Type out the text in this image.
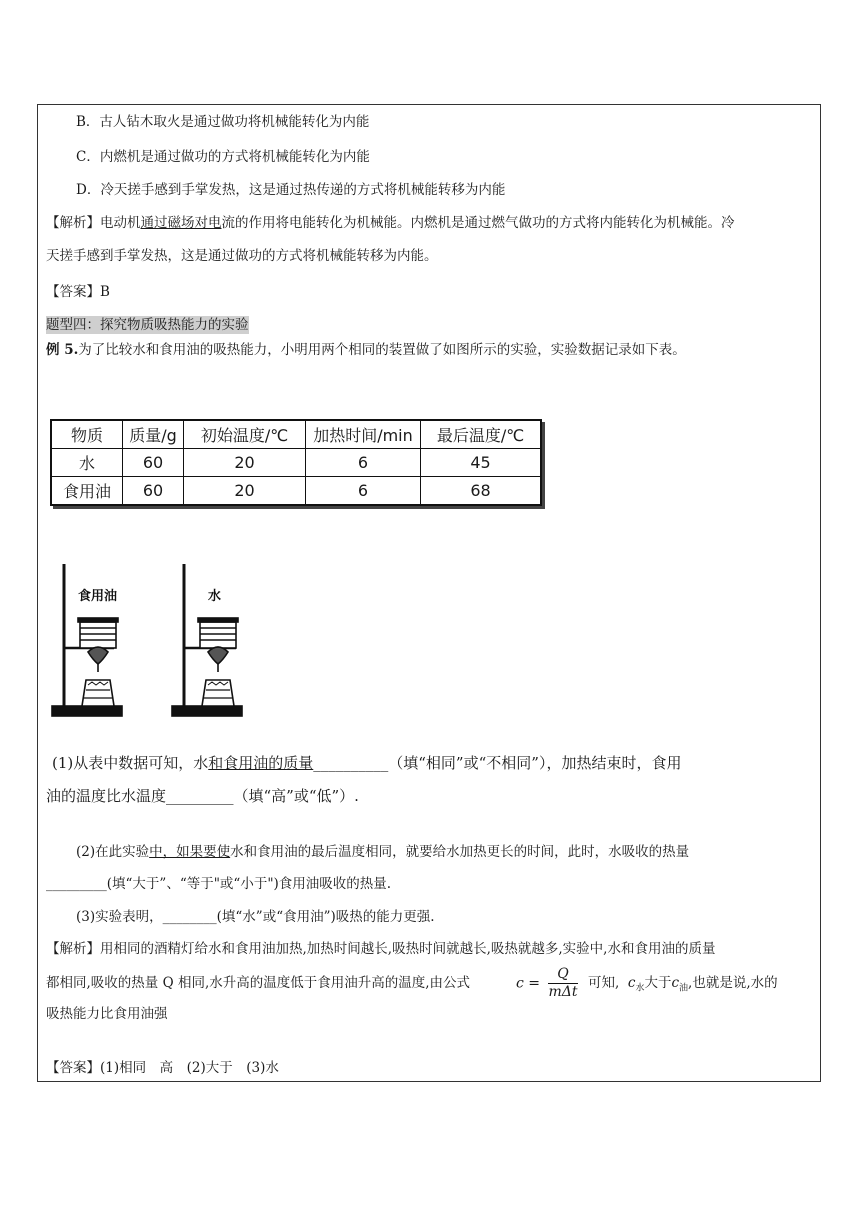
B．古人钻木取火是通过做功将机械能转化为内能
C．内燃机是通过做功的方式将机械能转化为内能
D．冷天搓手感到手掌发热，这是通过热传递的方式将机械能转移为内能
【解析】电动机通过磁场对电流的作用将电能转化为机械能。内燃机是通过燃气做功的方式将内能转化为机械能。冷
天搓手感到手掌发热，这是通过做功的方式将机械能转移为内能。
【答案】B
题型四：探究物质吸热能力的实验
例 5.为了比较水和食用油的吸热能力，小明用两个相同的装置做了如图所示的实验，实验数据记录如下表。
物质	质量/g	初始温度/℃	加热时间/min	最后温度/℃
水	60	20	6	45
食用油	60	20	6	68
食用油	水
(1)从表中数据可知，水和食用油的质量__________（填“相同”或“不相同”），加热结束时，食用
油的温度比水温度_________（填“高”或“低”）.
(2)在此实验中，如果要使水和食用油的最后温度相同，就要给水加热更长的时间，此时，水吸收的热量
_________(填“大于”、“等于"或“小于")食用油吸收的热量.
(3)实验表明，________(填“水”或“食用油”)吸热的能力更强.
【解析】用相同的酒精灯给水和食用油加热,加热时间越长,吸热时间就越长,吸热就越多,实验中,水和食用油的质量
都相同,吸收的热量 Q 相同,水升高的温度低于食用油升高的温度,由公式	$c = \frac{Q}{\text{mΔt}}$ 可知, $c_水$大于$c_油$,也就是说,水的
吸热能力比食用油强
【答案】(1)相同　高　(2)大于　(3)水
